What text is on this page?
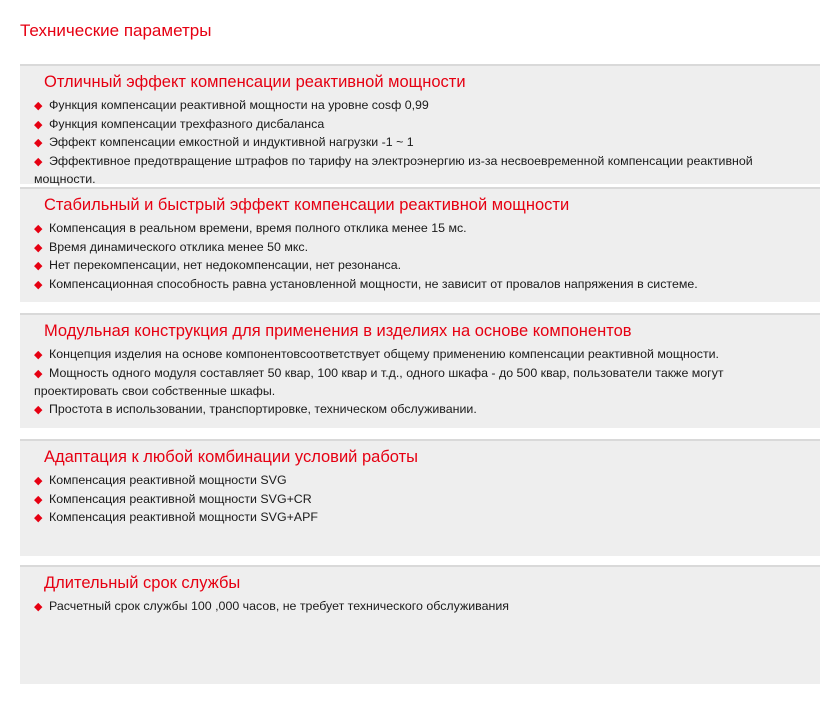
Технические параметры
Отличный эффект компенсации реактивной мощности
◆ Функция компенсации реактивной мощности на уровне cosф 0,99
◆ Функция компенсации трехфазного дисбаланса
◆ Эффект компенсации емкостной и индуктивной нагрузки -1 ~ 1
◆ Эффективное предотвращение штрафов по тарифу на электроэнергию из-за несвоевременной компенсации реактивной мощности.
Стабильный и быстрый эффект компенсации реактивной мощности
◆ Компенсация в реальном времени, время полного отклика менее 15 мс.
◆ Время динамического отклика менее 50 мкс.
◆ Нет перекомпенсации, нет недокомпенсации, нет резонанса.
◆ Компенсационная способность равна установленной мощности, не зависит от провалов напряжения в системе.
Модульная конструкция для применения в изделиях на основе компонентов
◆ Концепция изделия на основе компонентовсоответствует общему применению компенсации реактивной мощности.
◆ Мощность одного модуля составляет 50 квар, 100 квар и т.д., одного шкафа - до 500 квар, пользователи также могут проектировать свои собственные шкафы.
◆ Простота в использовании, транспортировке, техническом обслуживании.
Адаптация к любой комбинации условий работы
◆ Компенсация реактивной мощности SVG
◆ Компенсация реактивной мощности SVG+CR
◆ Компенсация реактивной мощности SVG+APF
Длительный срок службы
◆ Расчетный срок службы 100 ,000 часов, не требует технического обслуживания
